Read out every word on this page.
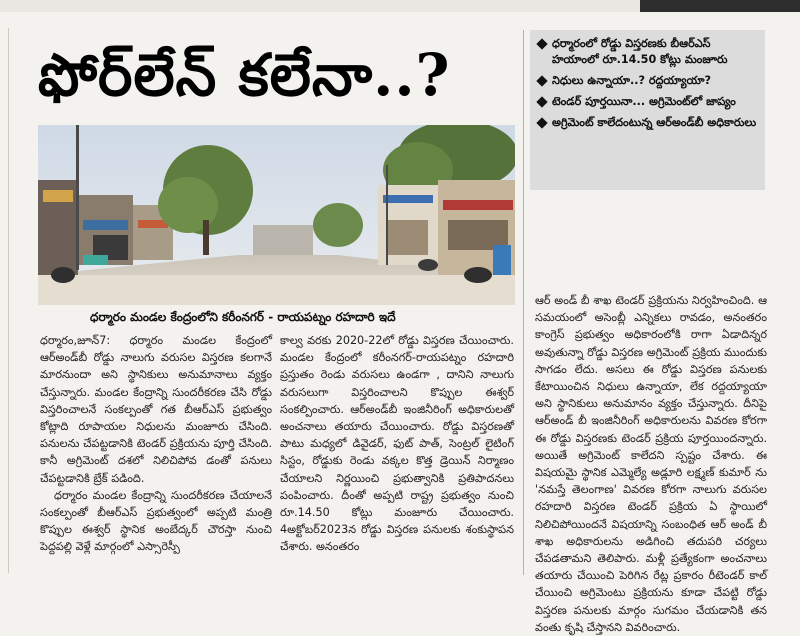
ఫోర్‌లేన్ కలేనా..?
ధర్మారం మండల కేంద్రంలోని కరీంనగర్ - రాయపట్నం రహదారి ఇదే
ధర్మారంలో రోడ్డు విస్తరణకు బీఆర్ఎస్ హయాంలో రూ.14.50 కోట్లు మంజూరు
నిధులు ఉన్నాయా..? రద్దయ్యాయా?
టెండర్ పూర్తయినా... అగ్రిమెంట్‌లో జాప్యం
అగ్రిమెంట్ కాలేదంటున్న ఆర్అండ్‌బీ అధికారులు

ధర్మారం,జూన్7: ధర్మారం మండల కేంద్రంలో ఆర్అండ్‌బీ రోడ్డు నాలుగు వరుసల విస్తరణ కలగానే మారనుందా అని స్థానికులు అనుమానాలు వ్యక్తం చేస్తున్నారు. మండల కేంద్రాన్ని సుందరీకరణ చేసి రోడ్డు విస్తరించాలనే సంకల్పంతో గత బీఆర్ఎస్ ప్రభుత్వం కోట్లాది రూపాయల నిధులను మంజూరు చేసింది. పనులను చేపట్టడానికి టెండర్ ప్రక్రియను పూర్తి చేసింది. కానీ అగ్రిమెంట్ దశలో నిలిచిపోవ డంతో పనులు చేపట్టడానికి బ్రేక్ పడింది.

ధర్మారం మండల కేంద్రాన్ని సుందరీకరణ చేయాలనే సంకల్పంతో బీఆర్ఎస్ ప్రభుత్వంలో అప్పటి మంత్రి కొప్పుల ఈశ్వర్ స్థానిక అంబేద్కర్ చౌరస్తా నుంచి పెద్దపల్లి వెళ్లే మార్గంలో ఎస్సారెస్పీ

కాల్వ వరకు 2020-22లో రోడ్డు విస్తరణ చేయించారు. మండల కేంద్రంలో కరీంనగర్-రాయపట్నం రహదారి ప్రస్తుతం రెండు వరుసలు ఉండగా , దానిని నాలుగు వరుసలుగా విస్తరించాలని కొప్పుల ఈశ్వర్ సంకల్పించారు. ఆర్అండ్‌బీ ఇంజినీరింగ్ అధికారులతో అంచనాలు తయారు చేయించారు. రోడ్డు విస్తరణతో పాటు మధ్యలో డివైడర్, ఫుట్ పాత్, సెంట్రల్ లైటింగ్ సిస్టం, రోడ్డుకు రెండు వక్కల కొత్త డ్రెయిన్ నిర్మాణం చేయాలని నిర్ణయించి ప్రభుత్వానికి ప్రతిపాదనలు పంపించారు. దీంతో అప్పటి రాష్ట్ర ప్రభుత్వం నుంచి రూ.14.50 కోట్లు మంజూరు చేయించారు. 4అక్టోబర్2023న రోడ్డు విస్తరణ పనులకు శంకుస్థాపన చేశారు. అనంతరం

ఆర్ అండ్ బీ శాఖ టెండర్ ప్రక్రియను నిర్వహించింది. ఆ సమయంలో అసెంబ్లీ ఎన్నికలు రావడం, అనంతరం కాంగ్రెస్ ప్రభుత్వం అధికారంలోకి రాగా ఏడాదిన్నర అవుతున్నా రోడ్డు విస్తరణ అగ్రిమెంట్ ప్రక్రియ ముందుకు సాగడం లేదు. అసలు ఈ రోడ్డు విస్తరణ పనులకు కేటాయించిన నిధులు ఉన్నాయా, లేక రద్దయ్యాయా అని స్థానికులు అనుమానం వ్యక్తం చేస్తున్నారు. దీనిపై ఆర్అండ్ బీ ఇంజినీరింగ్ అధికారులను వివరణ కోరగా ఈ రోడ్డు విస్తరణకు టెండర్ ప్రక్రియ పూర్తయిందన్నారు. అయితే అగ్రిమెంట్ కాలేదని స్పష్టం చేశారు. ఈ విషయమై స్థానిక ఎమ్మెల్యే అడ్లూరి లక్ష్మణ్ కుమార్ ను 'నమస్తే తెలంగాణ' వివరణ కోరగా నాలుగు వరుసల రహదారి విస్తరణ టెండర్ ప్రక్రియ ఏ స్థాయిలో నిలిచిపోయిందనే విషయాన్ని సంబంధిత ఆర్ అండ్ బీ శాఖ అధికారులను అడిగించి తదుపరి చర్యలు చేపడతామని తెలిపారు. మళ్లీ ప్రత్యేకంగా అంచనాలు తయారు చేయించి పెరిగిన రేట్ల ప్రకారం రీటెండర్ కాల్ చేయించి అగ్రిమెంటు ప్రక్రియను కూడా చేపట్టి రోడ్డు విస్తరణ పనులకు మార్గం సుగమం చేయడానికి తన వంతు కృషి చేస్తానని వివరించారు.
